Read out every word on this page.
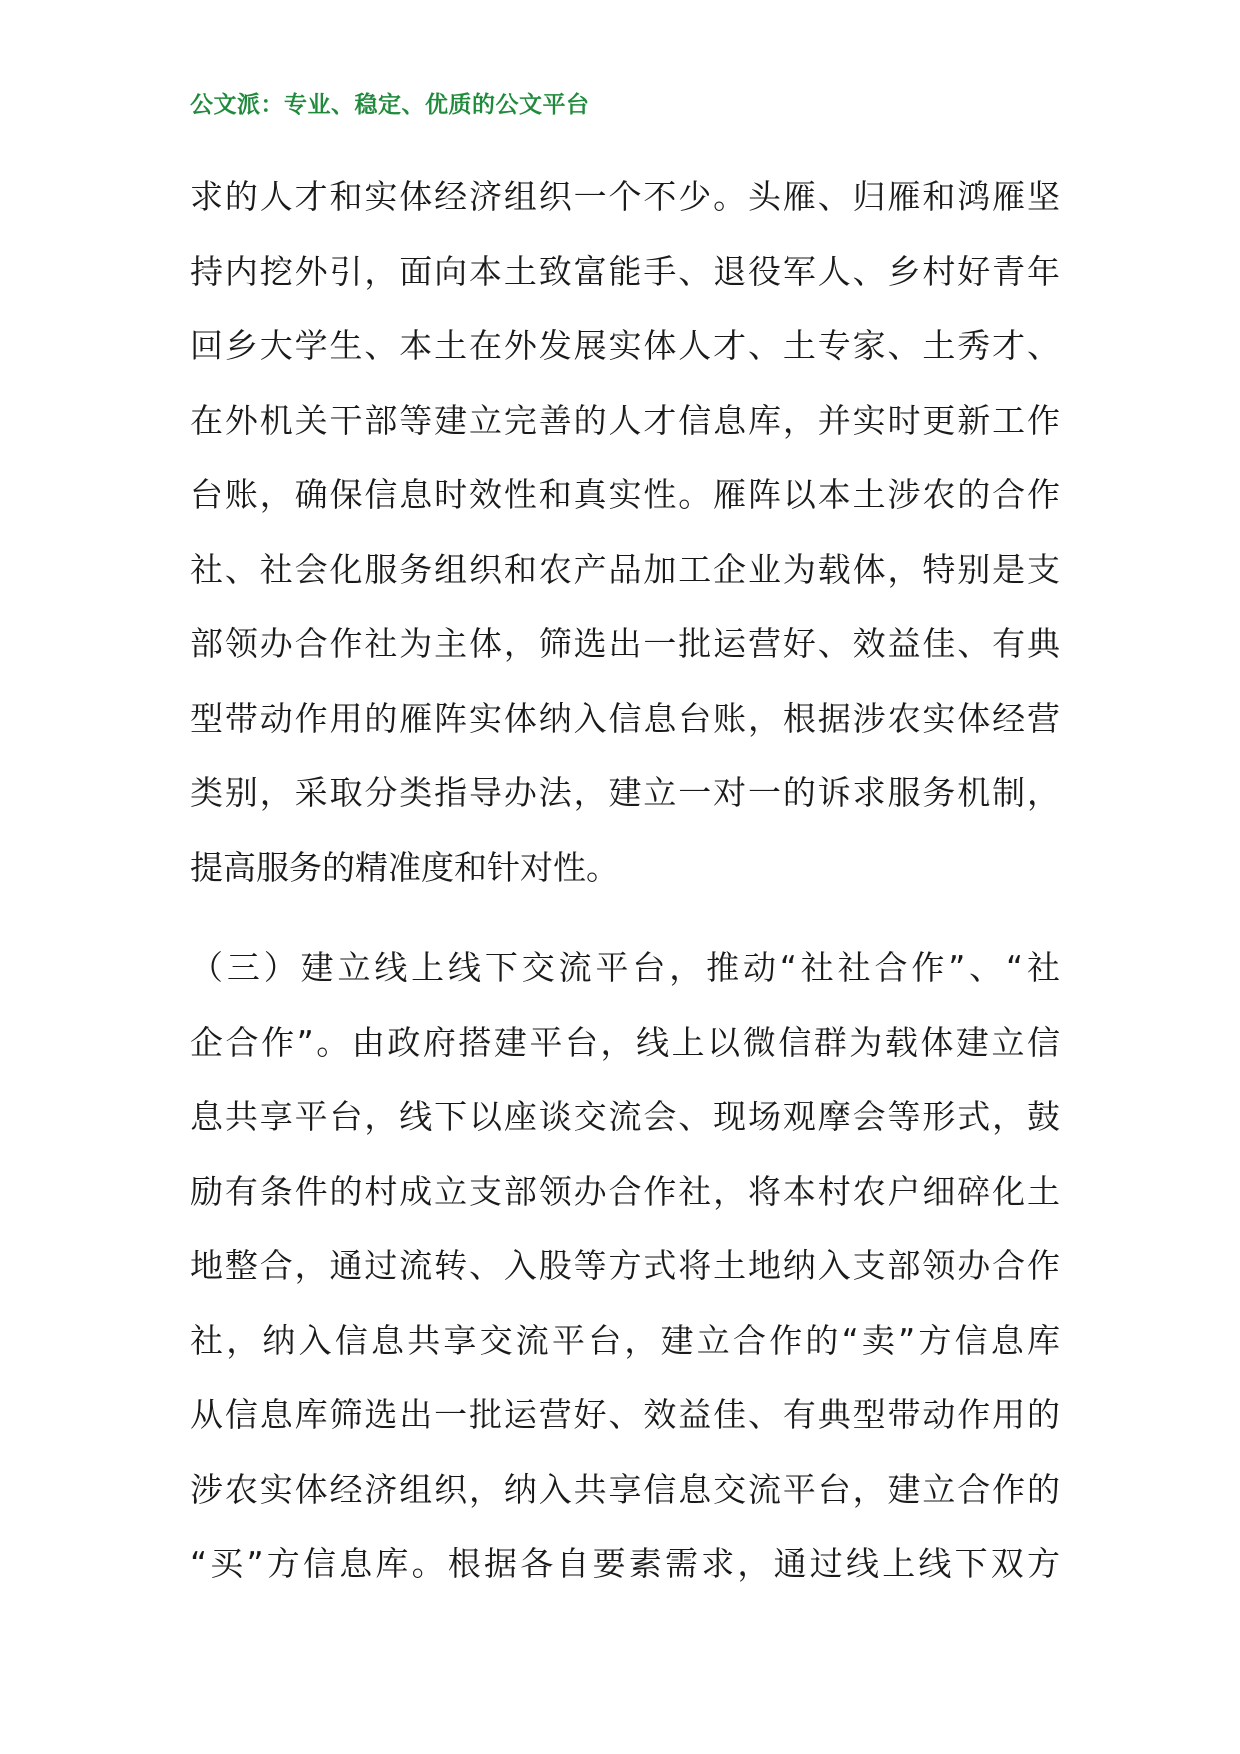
公文派：专业、稳定、优质的公文平台
求的人才和实体经济组织一个不少。头雁、归雁和鸿雁坚
持内挖外引，面向本土致富能手、退役军人、乡村好青年
回乡大学生、本土在外发展实体人才、土专家、土秀才、
在外机关干部等建立完善的人才信息库，并实时更新工作
台账，确保信息时效性和真实性。雁阵以本土涉农的合作
社、社会化服务组织和农产品加工企业为载体，特别是支
部领办合作社为主体，筛选出一批运营好、效益佳、有典
型带动作用的雁阵实体纳入信息台账，根据涉农实体经营
类别，采取分类指导办法，建立一对一的诉求服务机制，
提高服务的精准度和针对性。
（三）建立线上线下交流平台，推动“社社合作”、“社
企合作”。由政府搭建平台，线上以微信群为载体建立信
息共享平台，线下以座谈交流会、现场观摩会等形式，鼓
励有条件的村成立支部领办合作社，将本村农户细碎化土
地整合，通过流转、入股等方式将土地纳入支部领办合作
社，纳入信息共享交流平台，建立合作的“卖”方信息库
从信息库筛选出一批运营好、效益佳、有典型带动作用的
涉农实体经济组织，纳入共享信息交流平台，建立合作的
“买”方信息库。根据各自要素需求，通过线上线下双方
